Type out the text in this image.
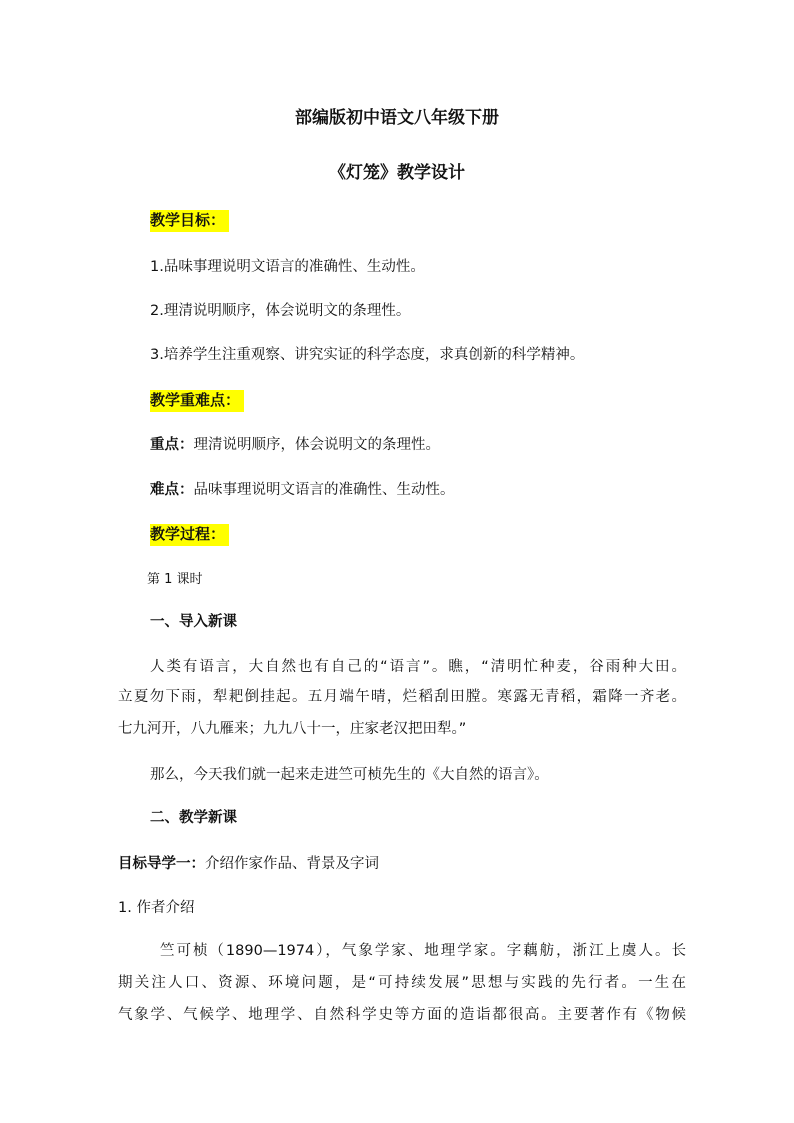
部编版初中语文八年级下册
《灯笼》教学设计
教学目标：
1.品味事理说明文语言的准确性、生动性。
2.理清说明顺序，体会说明文的条理性。
3.培养学生注重观察、讲究实证的科学态度，求真创新的科学精神。
教学重难点：
重点：理清说明顺序，体会说明文的条理性。
难点：品味事理说明文语言的准确性、生动性。
教学过程：
第 1 课时
一、导入新课
人类有语言，大自然也有自己的“语言”。瞧，“清明忙种麦，谷雨种大田。
立夏勿下雨，犁耙倒挂起。五月端午晴，烂稻刮田膛。寒露无青稻，霜降一齐老。
七九河开，八九雁来；九九八十一，庄家老汉把田犁。”
那么，今天我们就一起来走进竺可桢先生的《大自然的语言》。
二、教学新课
目标导学一：介绍作家作品、背景及字词
1. 作者介绍
竺可桢（1890—1974），气象学家、地理学家。字藕舫，浙江上虞人。长
期关注人口、资源、环境问题，是“可持续发展”思想与实践的先行者。一生在
气象学、气候学、地理学、自然科学史等方面的造诣都很高。主要著作有《物候
